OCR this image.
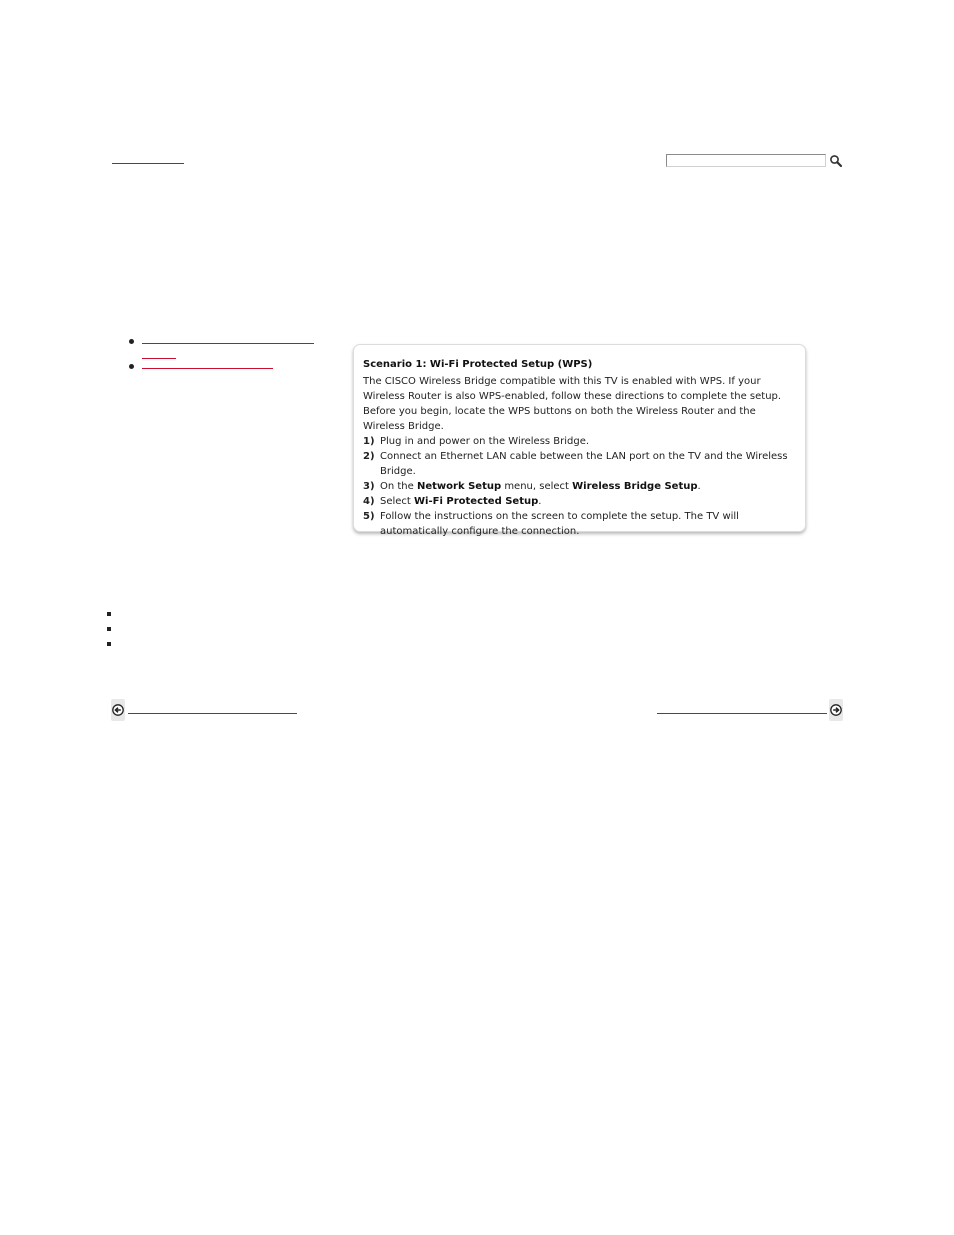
Scenario 1: Wi-Fi Protected Setup (WPS)
The CISCO Wireless Bridge compatible with this TV is enabled with WPS. If your Wireless Router is also WPS-enabled, follow these directions to complete the setup. Before you begin, locate the WPS buttons on both the Wireless Router and the Wireless Bridge.
1) Plug in and power on the Wireless Bridge.
2) Connect an Ethernet LAN cable between the LAN port on the TV and the Wireless Bridge.
3) On the Network Setup menu, select Wireless Bridge Setup.
4) Select Wi-Fi Protected Setup.
5) Follow the instructions on the screen to complete the setup. The TV will automatically configure the connection.
